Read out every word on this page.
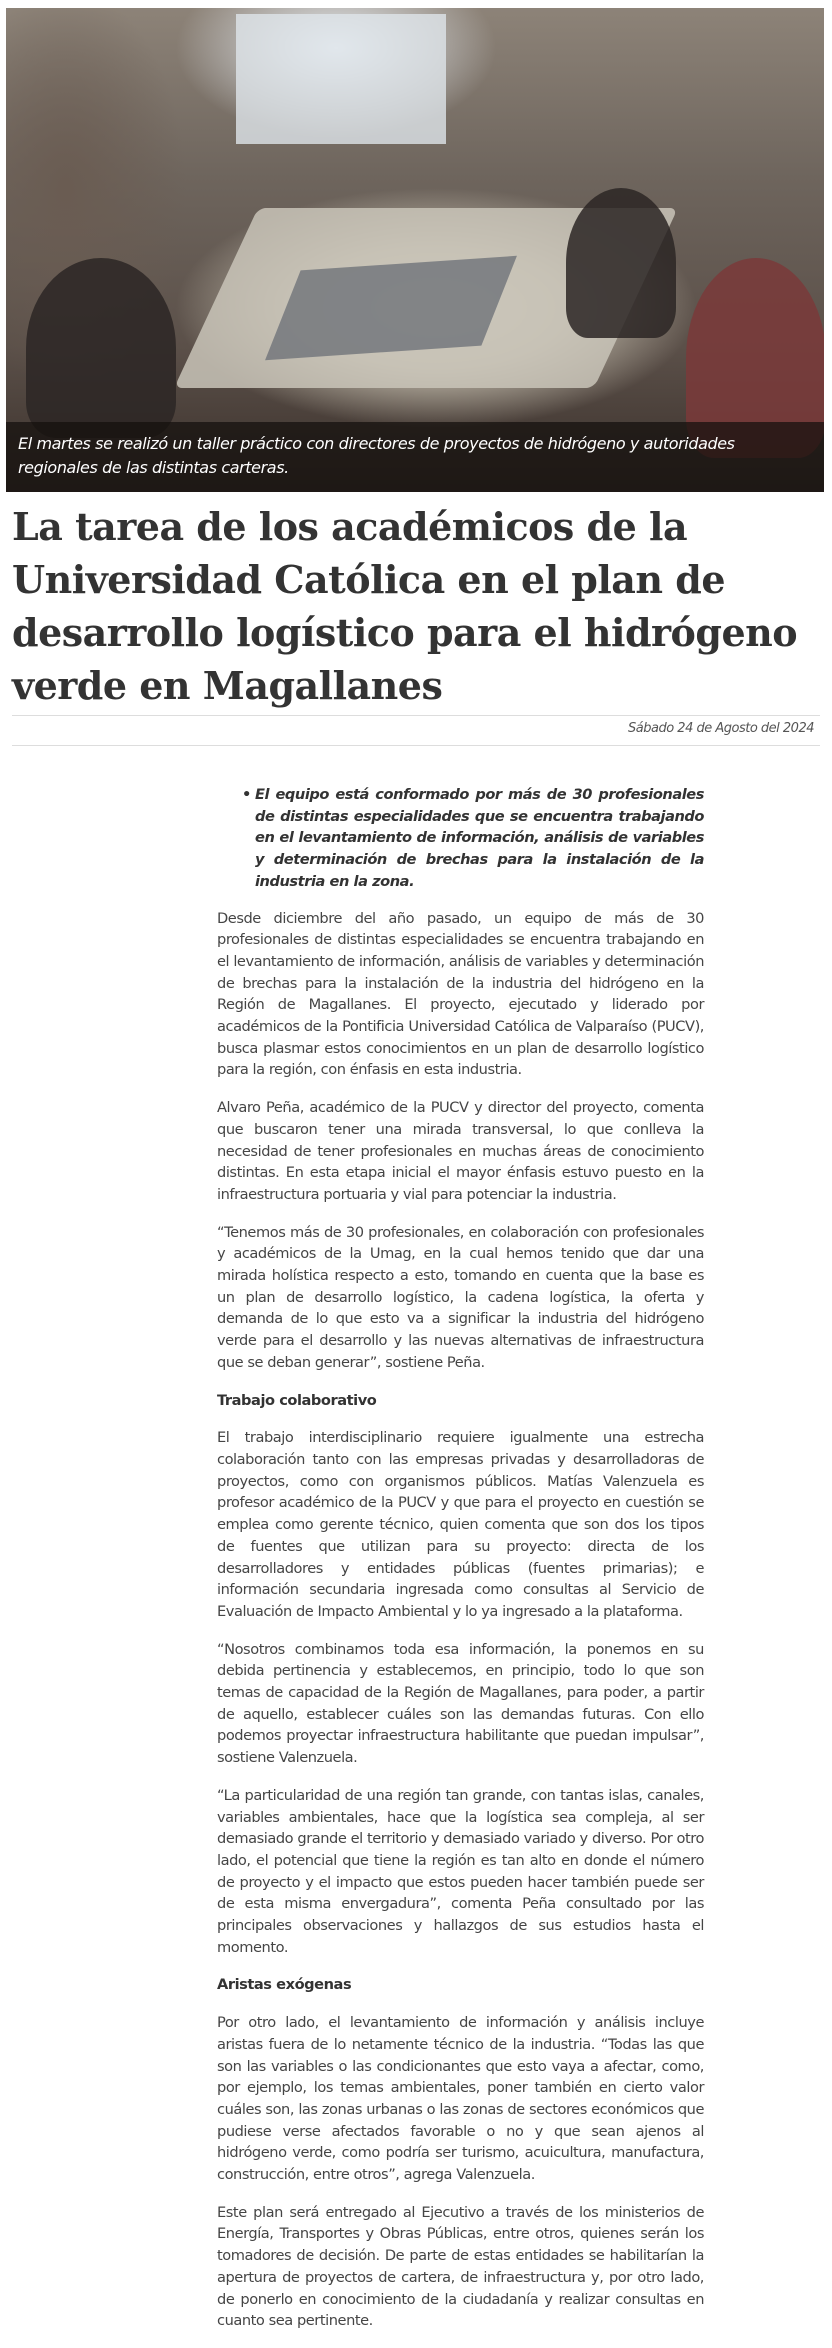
El martes se realizó un taller práctico con directores de proyectos de hidrógeno y autoridades regionales de las distintas carteras.
La tarea de los académicos de la Universidad Católica en el plan de desarrollo logístico para el hidrógeno verde en Magallanes
Sábado 24 de Agosto del 2024
• El equipo está conformado por más de 30 profesionales de distintas especialidades que se encuentra trabajando en el levantamiento de información, análisis de variables y determinación de brechas para la instalación de la industria en la zona.

Desde diciembre del año pasado, un equipo de más de 30 profesionales de distintas especialidades se encuentra trabajando en el levantamiento de información, análisis de variables y determinación de brechas para la instalación de la industria del hidrógeno en la Región de Magallanes. El proyecto, ejecutado y liderado por académicos de la Pontificia Universidad Católica de Valparaíso (PUCV), busca plasmar estos conocimientos en un plan de desarrollo logístico para la región, con énfasis en esta industria.

Alvaro Peña, académico de la PUCV y director del proyecto, comenta que buscaron tener una mirada transversal, lo que conlleva la necesidad de tener profesionales en muchas áreas de conocimiento distintas. En esta etapa inicial el mayor énfasis estuvo puesto en la infraestructura portuaria y vial para potenciar la industria.

“Tenemos más de 30 profesionales, en colaboración con profesionales y académicos de la Umag, en la cual hemos tenido que dar una mirada holística respecto a esto, tomando en cuenta que la base es un plan de desarrollo logístico, la cadena logística, la oferta y demanda de lo que esto va a significar la industria del hidrógeno verde para el desarrollo y las nuevas alternativas de infraestructura que se deban generar”, sostiene Peña.

Trabajo colaborativo

El trabajo interdisciplinario requiere igualmente una estrecha colaboración tanto con las empresas privadas y desarrolladoras de proyectos, como con organismos públicos. Matías Valenzuela es profesor académico de la PUCV y que para el proyecto en cuestión se emplea como gerente técnico, quien comenta que son dos los tipos de fuentes que utilizan para su proyecto: directa de los desarrolladores y entidades públicas (fuentes primarias); e información secundaria ingresada como consultas al Servicio de Evaluación de Impacto Ambiental y lo ya ingresado a la plataforma.

“Nosotros combinamos toda esa información, la ponemos en su debida pertinencia y establecemos, en principio, todo lo que son temas de capacidad de la Región de Magallanes, para poder, a partir de aquello, establecer cuáles son las demandas futuras. Con ello podemos proyectar infraestructura habilitante que puedan impulsar”, sostiene Valenzuela.

“La particularidad de una región tan grande, con tantas islas, canales, variables ambientales, hace que la logística sea compleja, al ser demasiado grande el territorio y demasiado variado y diverso. Por otro lado, el potencial que tiene la región es tan alto en donde el número de proyecto y el impacto que estos pueden hacer también puede ser de esta misma envergadura”, comenta Peña consultado por las principales observaciones y hallazgos de sus estudios hasta el momento.

Aristas exógenas

Por otro lado, el levantamiento de información y análisis incluye aristas fuera de lo netamente técnico de la industria. “Todas las que son las variables o las condicionantes que esto vaya a afectar, como, por ejemplo, los temas ambientales, poner también en cierto valor cuáles son, las zonas urbanas o las zonas de sectores económicos que pudiese verse afectados favorable o no y que sean ajenos al hidrógeno verde, como podría ser turismo, acuicultura, manufactura, construcción, entre otros”, agrega Valenzuela.

Este plan será entregado al Ejecutivo a través de los ministerios de Energía, Transportes y Obras Públicas, entre otros, quienes serán los tomadores de decisión. De parte de estas entidades se habilitarían la apertura de proyectos de cartera, de infraestructura y, por otro lado, de ponerlo en conocimiento de la ciudadanía y realizar consultas en cuanto sea pertinente.
